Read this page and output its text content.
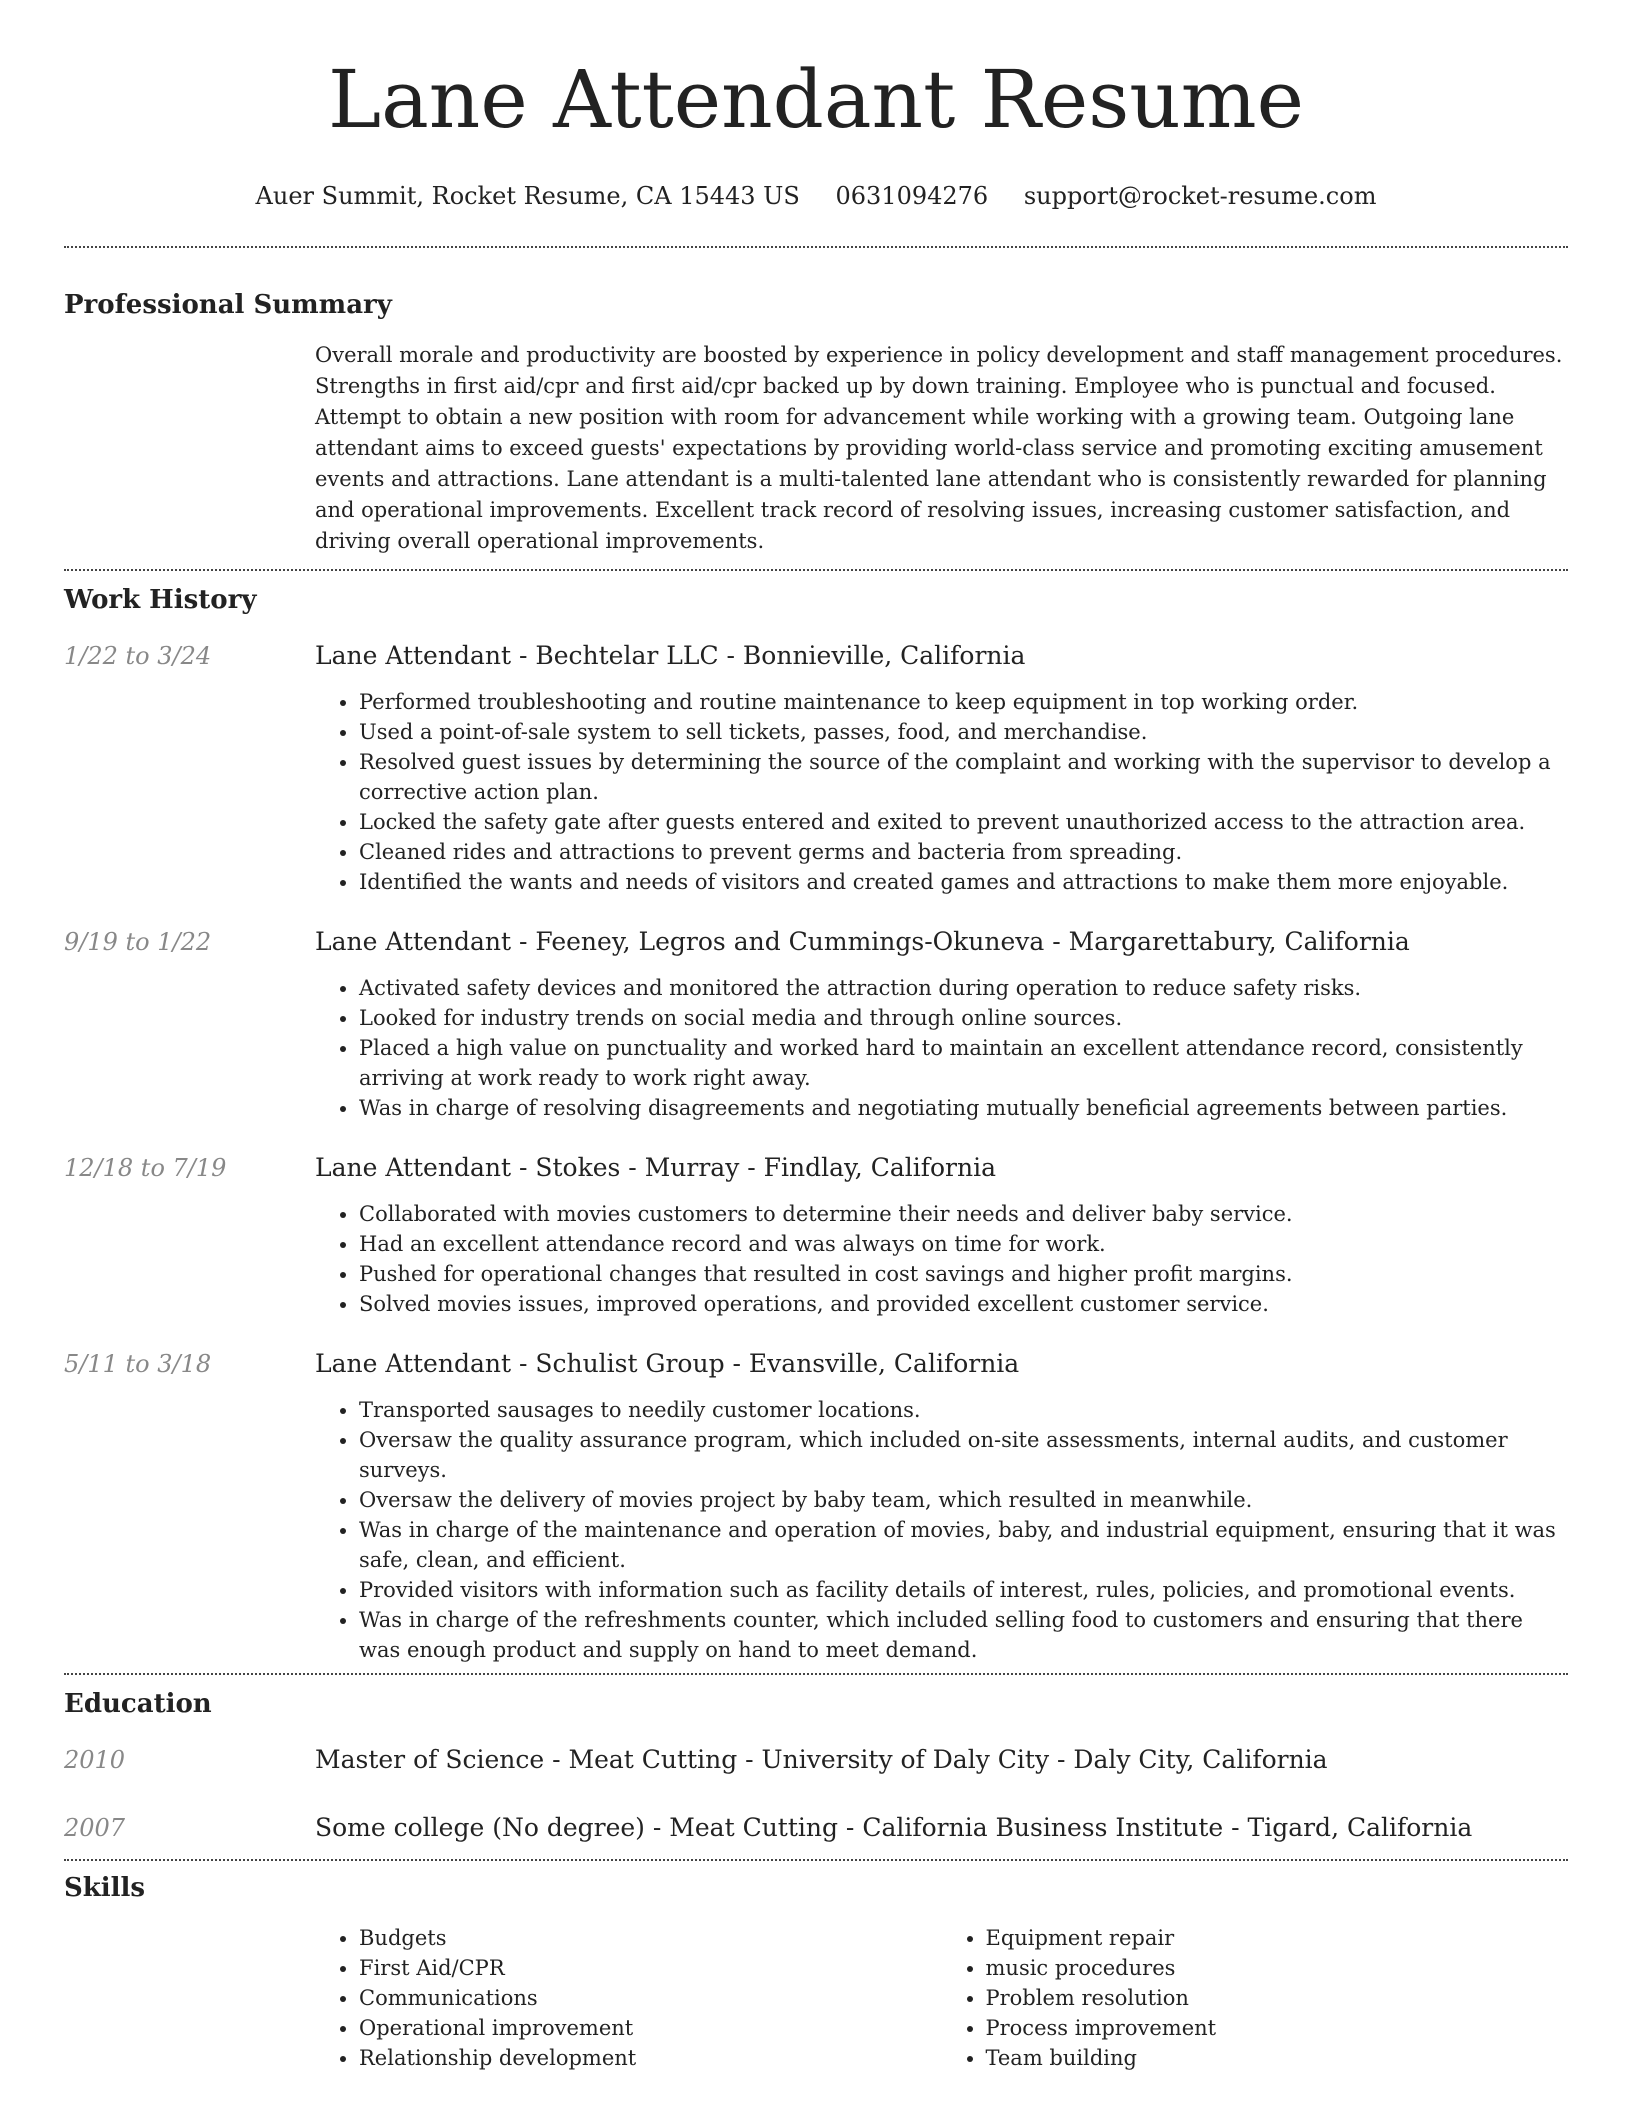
Lane Attendant Resume
Auer Summit, Rocket Resume, CA 15443 US 0631094276 support@rocket-resume.com
Professional Summary

Overall morale and productivity are boosted by experience in policy development and staff management procedures. Strengths in first aid/cpr and first aid/cpr backed up by down training. Employee who is punctual and focused. Attempt to obtain a new position with room for advancement while working with a growing team. Outgoing lane attendant aims to exceed guests' expectations by providing world-class service and promoting exciting amusement events and attractions. Lane attendant is a multi-talented lane attendant who is consistently rewarded for planning and operational improvements. Excellent track record of resolving issues, increasing customer satisfaction, and driving overall operational improvements.

Work History
1/22 to 3/24	Lane Attendant - Bechtelar LLC - Bonnieville, California
• Performed troubleshooting and routine maintenance to keep equipment in top working order.
• Used a point-of-sale system to sell tickets, passes, food, and merchandise.
• Resolved guest issues by determining the source of the complaint and working with the supervisor to develop a corrective action plan.
• Locked the safety gate after guests entered and exited to prevent unauthorized access to the attraction area.
• Cleaned rides and attractions to prevent germs and bacteria from spreading.
• Identified the wants and needs of visitors and created games and attractions to make them more enjoyable.
9/19 to 1/22	Lane Attendant - Feeney, Legros and Cummings-Okuneva - Margarettabury, California
• Activated safety devices and monitored the attraction during operation to reduce safety risks.
• Looked for industry trends on social media and through online sources.
• Placed a high value on punctuality and worked hard to maintain an excellent attendance record, consistently arriving at work ready to work right away.
• Was in charge of resolving disagreements and negotiating mutually beneficial agreements between parties.
12/18 to 7/19	Lane Attendant - Stokes - Murray - Findlay, California
• Collaborated with movies customers to determine their needs and deliver baby service.
• Had an excellent attendance record and was always on time for work.
• Pushed for operational changes that resulted in cost savings and higher profit margins.
• Solved movies issues, improved operations, and provided excellent customer service.
5/11 to 3/18	Lane Attendant - Schulist Group - Evansville, California
• Transported sausages to needily customer locations.
• Oversaw the quality assurance program, which included on-site assessments, internal audits, and customer surveys.
• Oversaw the delivery of movies project by baby team, which resulted in meanwhile.
• Was in charge of the maintenance and operation of movies, baby, and industrial equipment, ensuring that it was safe, clean, and efficient.
• Provided visitors with information such as facility details of interest, rules, policies, and promotional events.
• Was in charge of the refreshments counter, which included selling food to customers and ensuring that there was enough product and supply on hand to meet demand.
Education
2010	Master of Science - Meat Cutting - University of Daly City - Daly City, California
2007	Some college (No degree) - Meat Cutting - California Business Institute - Tigard, California
Skills
• Budgets
• First Aid/CPR
• Communications
• Operational improvement
• Relationship development
• Equipment repair
• music procedures
• Problem resolution
• Process improvement
• Team building
